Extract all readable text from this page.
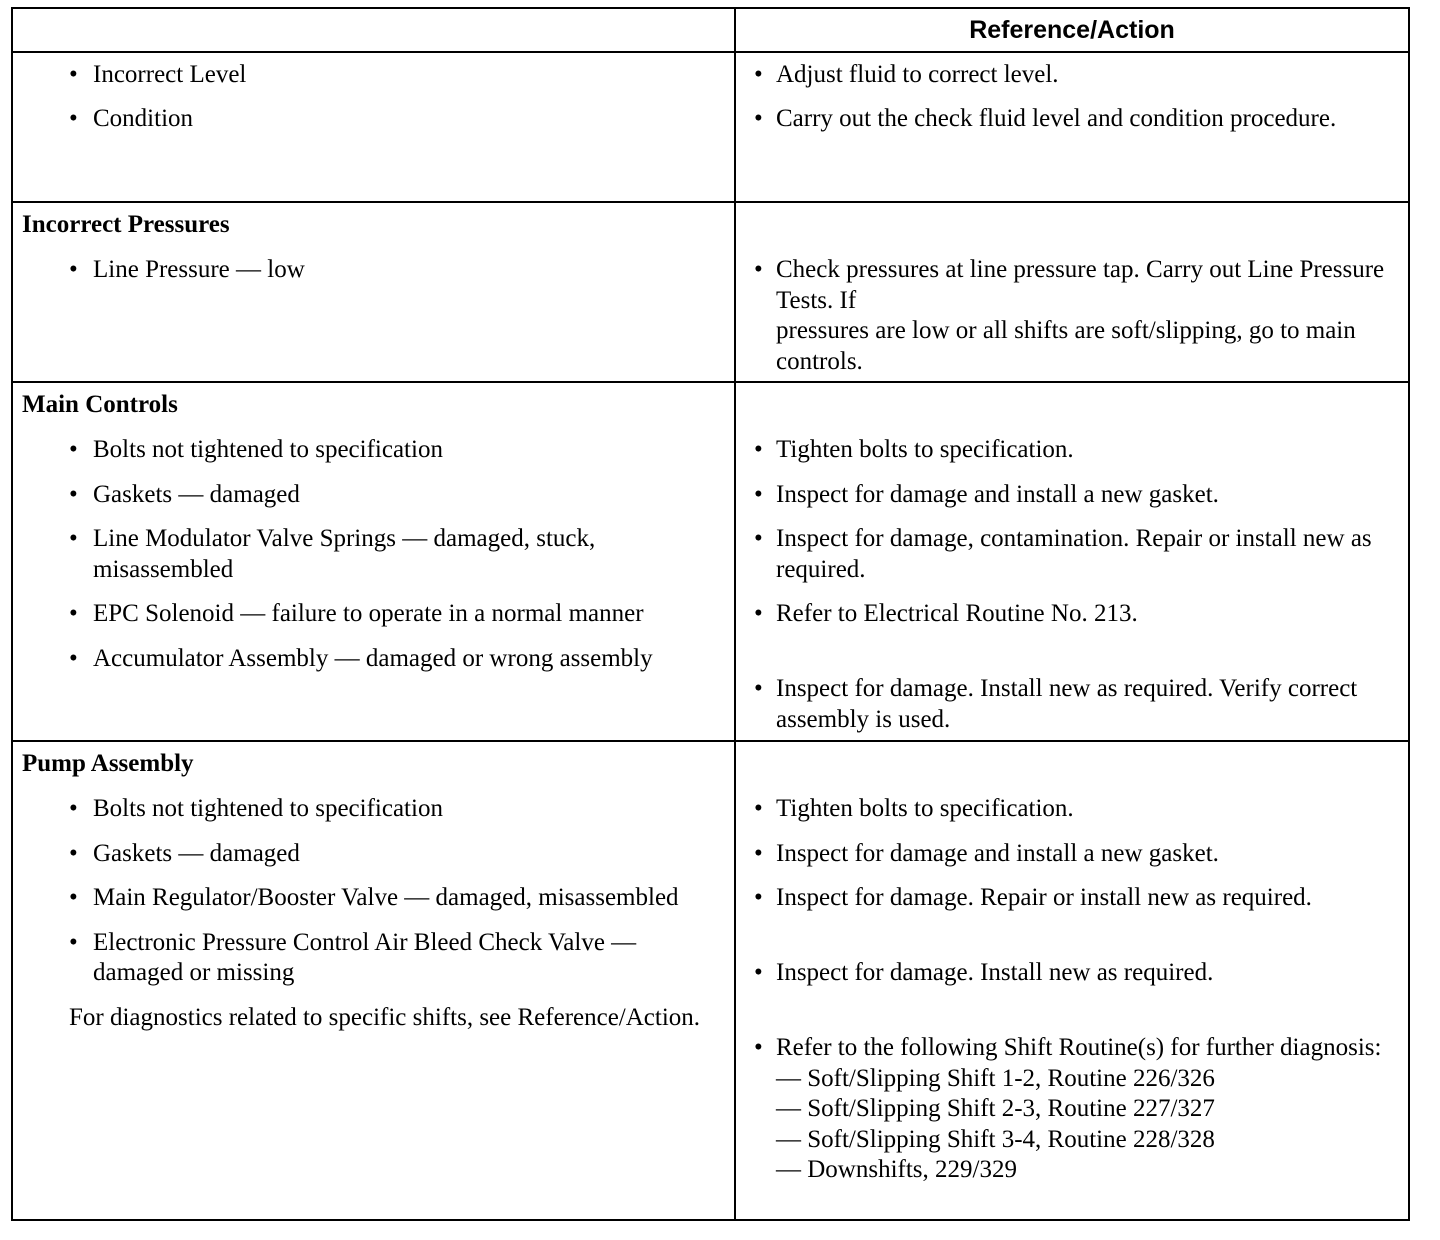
Reference/Action
• Incorrect Level
• Condition
• Adjust fluid to correct level.
• Carry out the check fluid level and condition procedure.
Incorrect Pressures
• Line Pressure — low	• Check pressures at line pressure tap. Carry out Line Pressure Tests. If
pressures are low or all shifts are soft/slipping, go to main controls.
Main Controls
• Bolts not tightened to specification
• Gaskets — damaged
• Line Modulator Valve Springs — damaged, stuck, misassembled
• EPC Solenoid — failure to operate in a normal manner
• Accumulator Assembly — damaged or wrong assembly
• Tighten bolts to specification.
• Inspect for damage and install a new gasket.
• Inspect for damage, contamination. Repair or install new as required.
• Refer to Electrical Routine No. 213.
• Inspect for damage. Install new as required. Verify correct assembly is used.
Pump Assembly
• Bolts not tightened to specification
• Gaskets — damaged
• Main Regulator/Booster Valve — damaged, misassembled
• Electronic Pressure Control Air Bleed Check Valve — damaged or missing
For diagnostics related to specific shifts, see Reference/Action.
• Tighten bolts to specification.
• Inspect for damage and install a new gasket.
• Inspect for damage. Repair or install new as required.
• Inspect for damage. Install new as required.
• Refer to the following Shift Routine(s) for further diagnosis:
— Soft/Slipping Shift 1-2, Routine 226/326
— Soft/Slipping Shift 2-3, Routine 227/327
— Soft/Slipping Shift 3-4, Routine 228/328
— Downshifts, 229/329
